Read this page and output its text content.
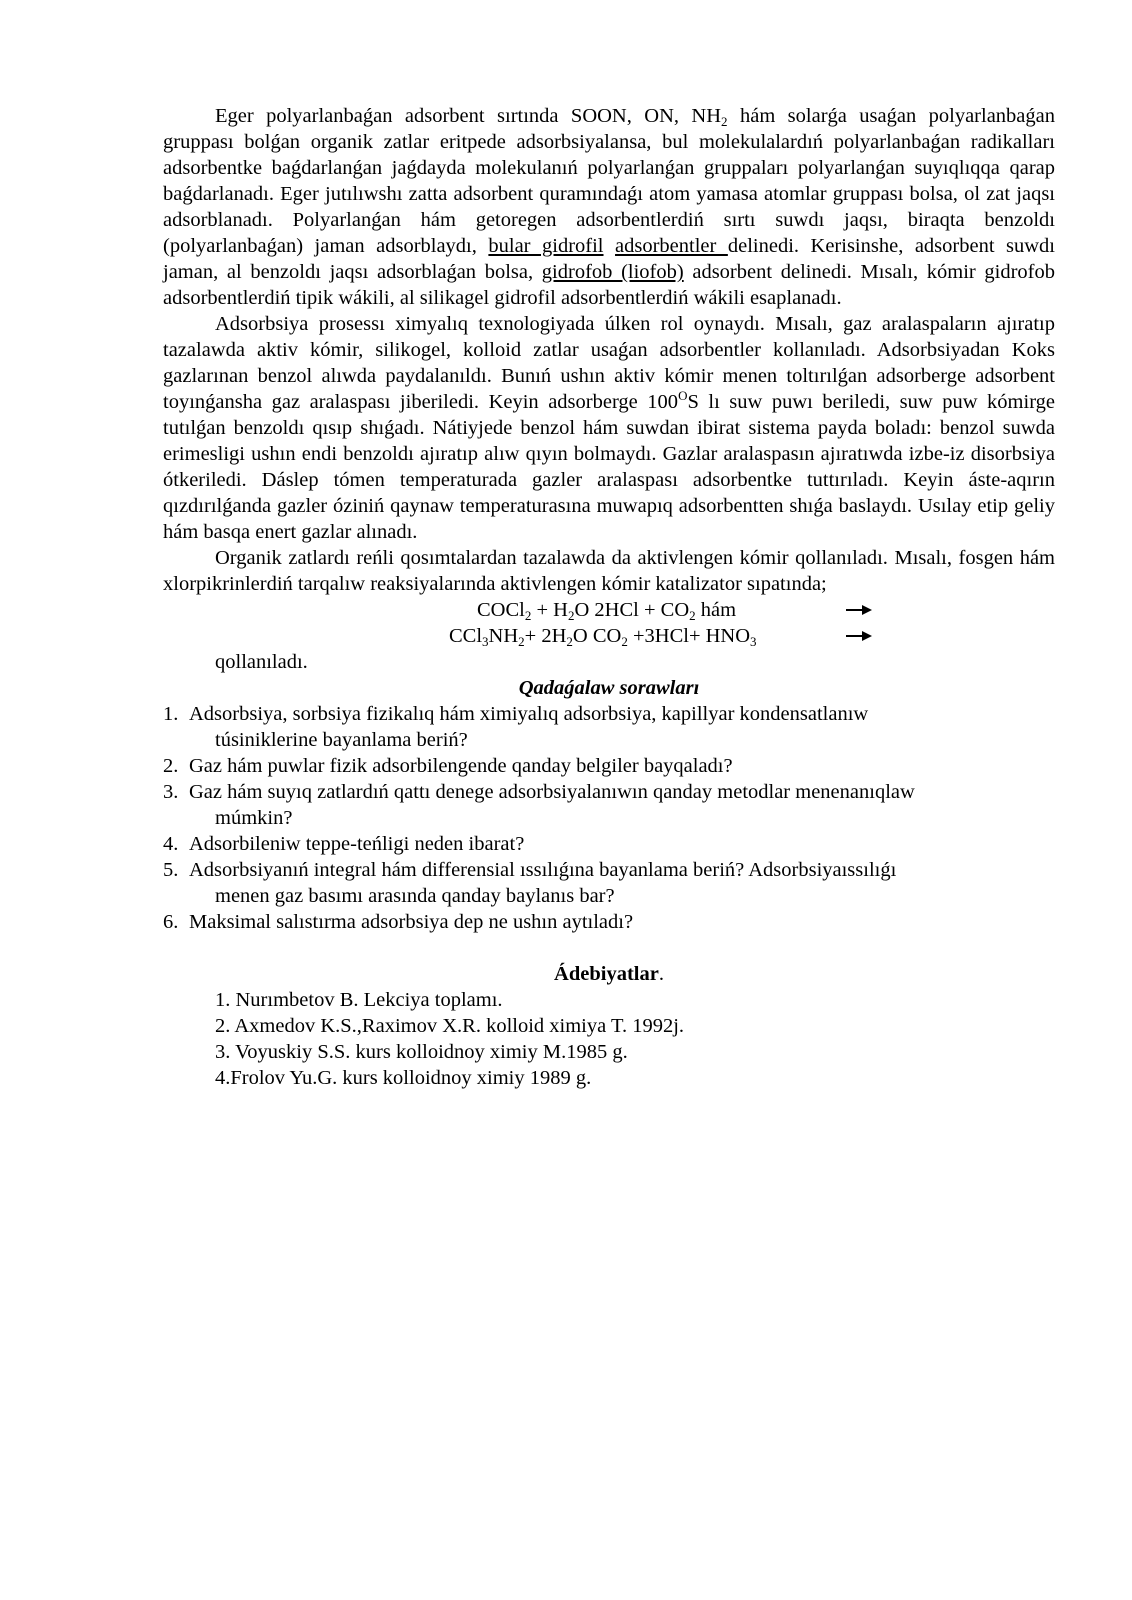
Eger polyarlanbaǵan adsorbent sırtında SOON, ON, $NH_2$ hám solarǵa usaǵan polyarlanbaǵan gruppası bolǵan organik zatlar eritpede adsorbsiyalansa, bul molekulalardıń polyarlanbaǵan radikalları adsorbentke baǵdarlanǵan jaǵdayda molekulanıń polyarlanǵan gruppaları polyarlanǵan suyıqlıqqa qarap baǵdarlanadı. Eger jutılıwshı zatta adsorbent quramındaǵı atom yamasa atomlar gruppası bolsa, ol zat jaqsı adsorblanadı. Polyarlanǵan hám getoregen adsorbentlerdiń sırtı suwdı jaqsı, biraqta benzoldı (polyarlanbaǵan) jaman adsorblaydı, bular gidrofil adsorbentler delinedi. Kerisinshe, adsorbent suwdı jaman, al benzoldı jaqsı adsorblaǵan bolsa, gidrofob (liofob) adsorbent delinedi. Mısalı, kómir gidrofob adsorbentlerdiń tipik wákili, al silikagel gidrofil adsorbentlerdiń wákili esaplanadı.

Adsorbsiya prosessı ximyalıq texnologiyada úlken rol oynaydı. Mısalı, gaz aralaspaların ajıratıp tazalawda aktiv kómir, silikogel, kolloid zatlar usaǵan adsorbentler kollanıladı. Adsorbsiyadan Koks gazlarınan benzol alıwda paydalanıldı. Bunıń ushın aktiv kómir menen toltırılǵan adsorberge adsorbent toyınǵansha gaz aralaspası jiberiledi. Keyin adsorberge $100^OS$ lı suw puwı beriledi, suw puw kómirge tutılǵan benzoldı qısıp shıǵadı. Nátiyjede benzol hám suwdan ibirat sistema payda boladı: benzol suwda erimesligi ushın endi benzoldı ajıratıp alıw qıyın bolmaydı. Gazlar aralaspasın ajıratıwda izbe-iz disorbsiya ótkeriledi. Dáslep tómen temperaturada gazler aralaspası adsorbentke tuttırıladı. Keyin áste-aqırın qızdırılǵanda gazler óziniń qaynaw temperaturasına muwapıq adsorbentten shıǵa baslaydı. Usılay etip geliy hám basqa enert gazlar alınadı.

Organik zatlardı reńli qosımtalardan tazalawda da aktivlengen kómir qollanıladı. Mısalı, fosgen hám xlorpikrinlerdiń tarqalıw reaksiyalarında aktivlengen kómir katalizator sıpatında;

COCl$_2$ + $H_2O$ $2HCl + CO_2$ hám
$CCl_3NH_2+ 2H_2O$ $CO_2 +3HCl+ HNO_3$
qollanıladı.
Qadaǵalaw sorawları
1. Adsorbsiya, sorbsiya fizikalıq hám ximiyalıq adsorbsiya, kapillyar kondensatlanıw
túsiniklerine bayanlama beriń?
2. Gaz hám puwlar fizik adsorbilengende qanday belgiler bayqaladı?
3. Gaz hám suyıq zatlardıń qattı denege adsorbsiyalanıwın qanday metodlar menenanıqlaw
múmkin?
4. Adsorbileniw teppe-teńligi neden ibarat?
5. Adsorbsiyanıń integral hám differensial ıssılıǵına bayanlama beriń? Adsorbsiyaıssılıǵı
menen gaz basımı arasında qanday baylanıs bar?
6. Maksimal salıstırma adsorbsiya dep ne ushın aytıladı?
Ádebiyatlar.
1. Nurımbetov B. Lekciya toplamı.
2. Axmedov K.S.,Raximov X.R. kolloid ximiya T. 1992j.
3. Voyuskiy S.S. kurs kolloidnoy ximiy M.1985 g.
4.Frolov Yu.G. kurs kolloidnoy ximiy 1989 g.
